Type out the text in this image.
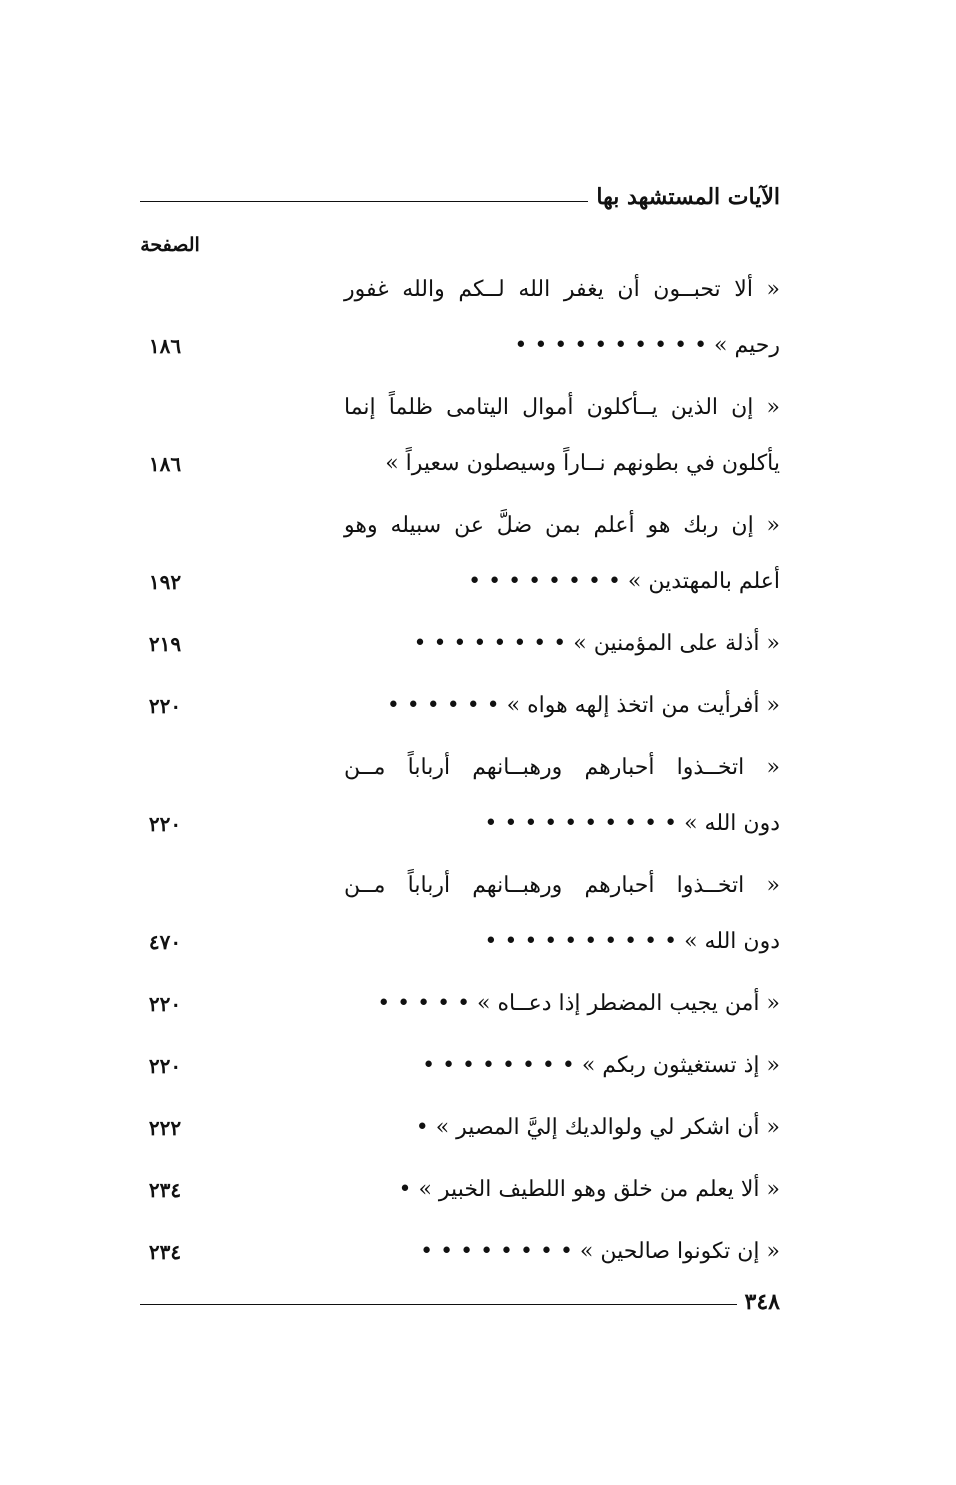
الآيات المستشهد بها
الصفحة
« ألا تحبــون أن يغفر الله لــكم والله غفور
رحيم » • • • • • • • • • •
١٨٦
« إن الذين يــأكلون أموال اليتامى ظلماً إنما
يأكلون في بطونهم نــاراً وسيصلون سعيراً »
١٨٦
« إن ربك هو أعلم بمن ضلَّ عن سبيله وهو
أعلم بالمهتدين » • • • • • • • •
١٩٢
« أذلة على المؤمنين » • • • • • • • •
٢١٩
« أفرأيت من اتخذ إلهه هواه » • • • • • •
٢٢٠
« اتخــذوا أحبارهم ورهبــانهم أرباباً مــن
دون الله » • • • • • • • • • •
٢٢٠
« اتخــذوا أحبارهم ورهبــانهم أرباباً مــن
دون الله » • • • • • • • • • •
٤٧٠
« أمن يجيب المضطر إذا دعــاه » • • • • •
٢٢٠
« إذ تستغيثون ربكم » • • • • • • • •
٢٢٠
« أن اشكر لي ولوالديك إليَّ المصير » •
٢٢٢
« ألا يعلم من خلق وهو اللطيف الخبير » •
٢٣٤
« إن تكونوا صالحين » • • • • • • • •
٢٣٤
٣٤٨
